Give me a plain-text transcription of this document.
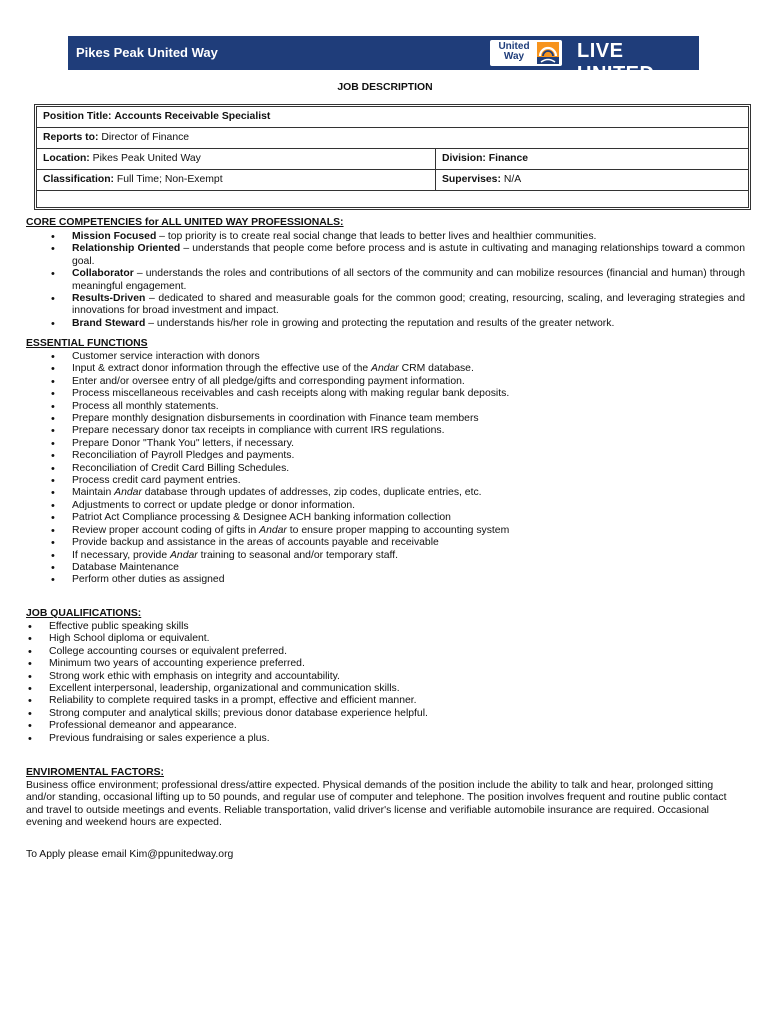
Pikes Peak United Way	United
Way	LIVE UNITED
JOB DESCRIPTION
Position Title: Accounts Receivable Specialist
Reports to: Director of Finance
Location: Pikes Peak United Way	Division: Finance
Classification: Full Time; Non-Exempt	Supervises: N/A
CORE COMPETENCIES for ALL UNITED WAY PROFESSIONALS:
• Mission Focused – top priority is to create real social change that leads to better lives and healthier communities.
• Relationship Oriented – understands that people come before process and is astute in cultivating and managing relationships toward a common goal.
• Collaborator – understands the roles and contributions of all sectors of the community and can mobilize resources (financial and human) through meaningful engagement.
• Results-Driven – dedicated to shared and measurable goals for the common good; creating, resourcing, scaling, and leveraging strategies and innovations for broad investment and impact.
• Brand Steward – understands his/her role in growing and protecting the reputation and results of the greater network.
ESSENTIAL FUNCTIONS
• Customer service interaction with donors
• Input & extract donor information through the effective use of the Andar CRM database.
• Enter and/or oversee entry of all pledge/gifts and corresponding payment information.
• Process miscellaneous receivables and cash receipts along with making regular bank deposits.
• Process all monthly statements.
• Prepare monthly designation disbursements in coordination with Finance team members
• Prepare necessary donor tax receipts in compliance with current IRS regulations.
• Prepare Donor "Thank You" letters, if necessary.
• Reconciliation of Payroll Pledges and payments.
• Reconciliation of Credit Card Billing Schedules.
• Process credit card payment entries.
• Maintain Andar database through updates of addresses, zip codes, duplicate entries, etc.
• Adjustments to correct or update pledge or donor information.
• Patriot Act Compliance processing & Designee ACH banking information collection
• Review proper account coding of gifts in Andar to ensure proper mapping to accounting system
• Provide backup and assistance in the areas of accounts payable and receivable
• If necessary, provide Andar training to seasonal and/or temporary staff.
• Database Maintenance
• Perform other duties as assigned
JOB QUALIFICATIONS:
• Effective public speaking skills
• High School diploma or equivalent.
• College accounting courses or equivalent preferred.
• Minimum two years of accounting experience preferred.
• Strong work ethic with emphasis on integrity and accountability.
• Excellent interpersonal, leadership, organizational and communication skills.
• Reliability to complete required tasks in a prompt, effective and efficient manner.
• Strong computer and analytical skills; previous donor database experience helpful.
• Professional demeanor and appearance.
• Previous fundraising or sales experience a plus.
ENVIROMENTAL FACTORS:
Business office environment; professional dress/attire expected. Physical demands of the position include the ability to talk and hear, prolonged sitting and/or standing, occasional lifting up to 50 pounds, and regular use of computer and telephone. The position involves frequent and routine public contact and travel to outside meetings and events. Reliable transportation, valid driver's license and verifiable automobile insurance are required. Occasional evening and weekend hours are expected.
To Apply please email Kim@ppunitedway.org
